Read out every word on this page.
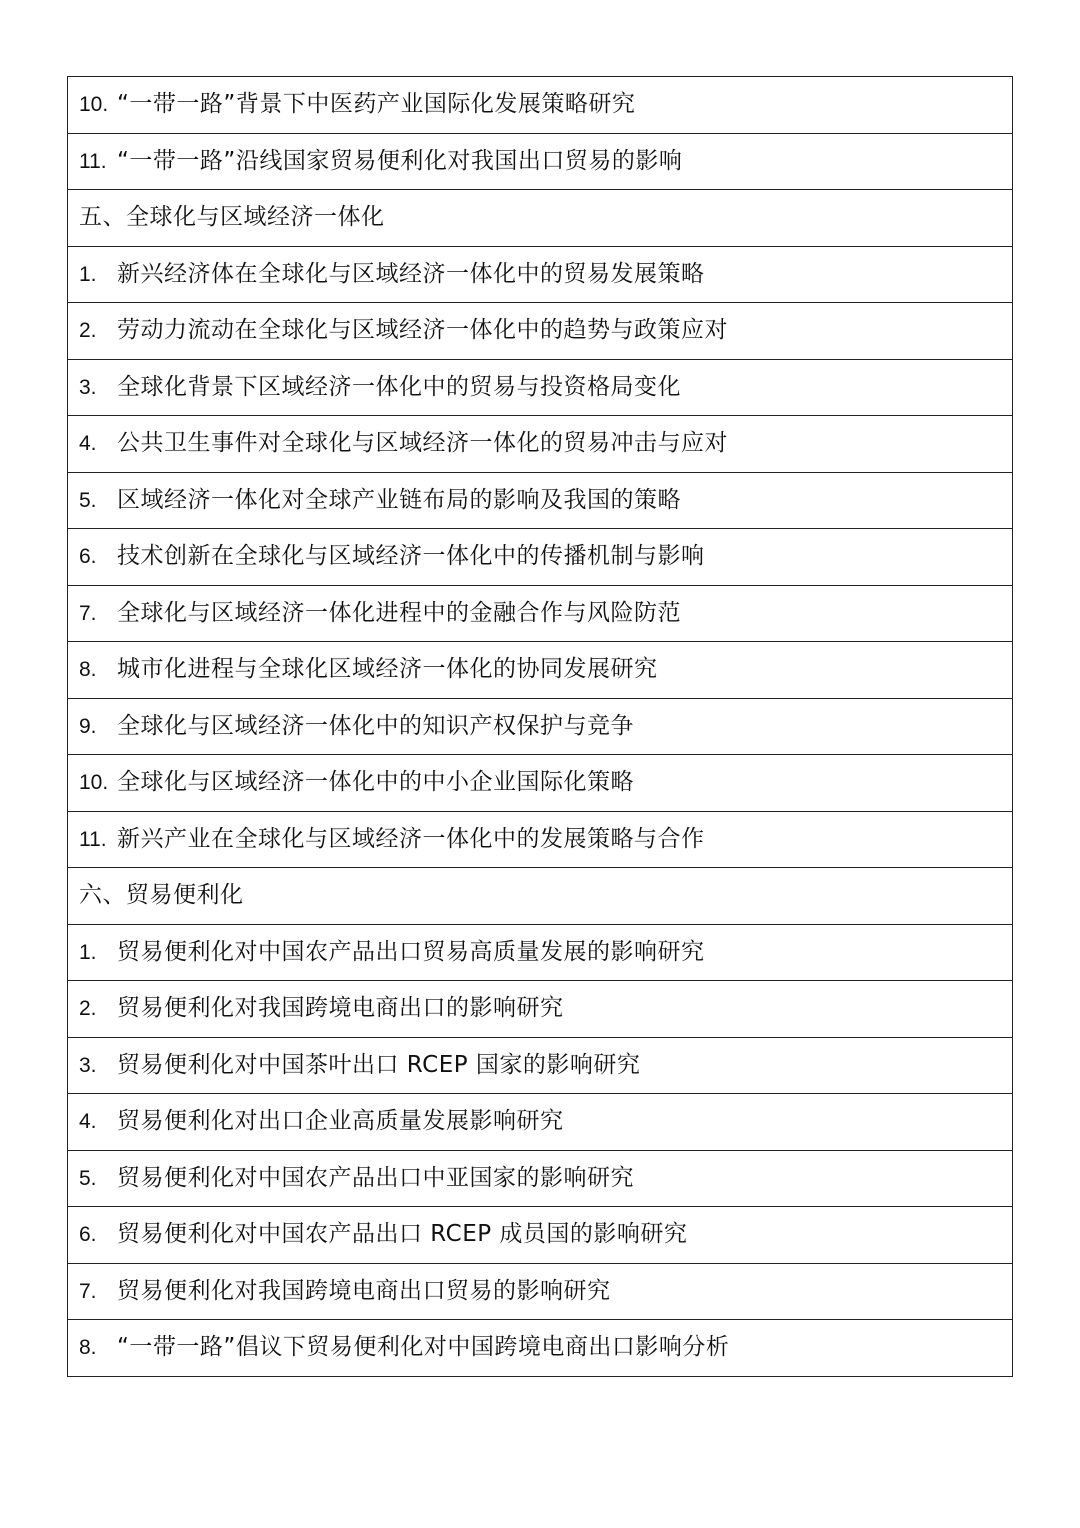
10. “一带一路”背景下中医药产业国际化发展策略研究
11. “一带一路”沿线国家贸易便利化对我国出口贸易的影响
五、全球化与区域经济一体化
1. 新兴经济体在全球化与区域经济一体化中的贸易发展策略
2. 劳动力流动在全球化与区域经济一体化中的趋势与政策应对
3. 全球化背景下区域经济一体化中的贸易与投资格局变化
4. 公共卫生事件对全球化与区域经济一体化的贸易冲击与应对
5. 区域经济一体化对全球产业链布局的影响及我国的策略
6. 技术创新在全球化与区域经济一体化中的传播机制与影响
7. 全球化与区域经济一体化进程中的金融合作与风险防范
8. 城市化进程与全球化区域经济一体化的协同发展研究
9. 全球化与区域经济一体化中的知识产权保护与竞争
10. 全球化与区域经济一体化中的中小企业国际化策略
11. 新兴产业在全球化与区域经济一体化中的发展策略与合作
六、贸易便利化
1. 贸易便利化对中国农产品出口贸易高质量发展的影响研究
2. 贸易便利化对我国跨境电商出口的影响研究
3. 贸易便利化对中国茶叶出口 RCEP 国家的影响研究
4. 贸易便利化对出口企业高质量发展影响研究
5. 贸易便利化对中国农产品出口中亚国家的影响研究
6. 贸易便利化对中国农产品出口 RCEP 成员国的影响研究
7. 贸易便利化对我国跨境电商出口贸易的影响研究
8. “一带一路”倡议下贸易便利化对中国跨境电商出口影响分析
